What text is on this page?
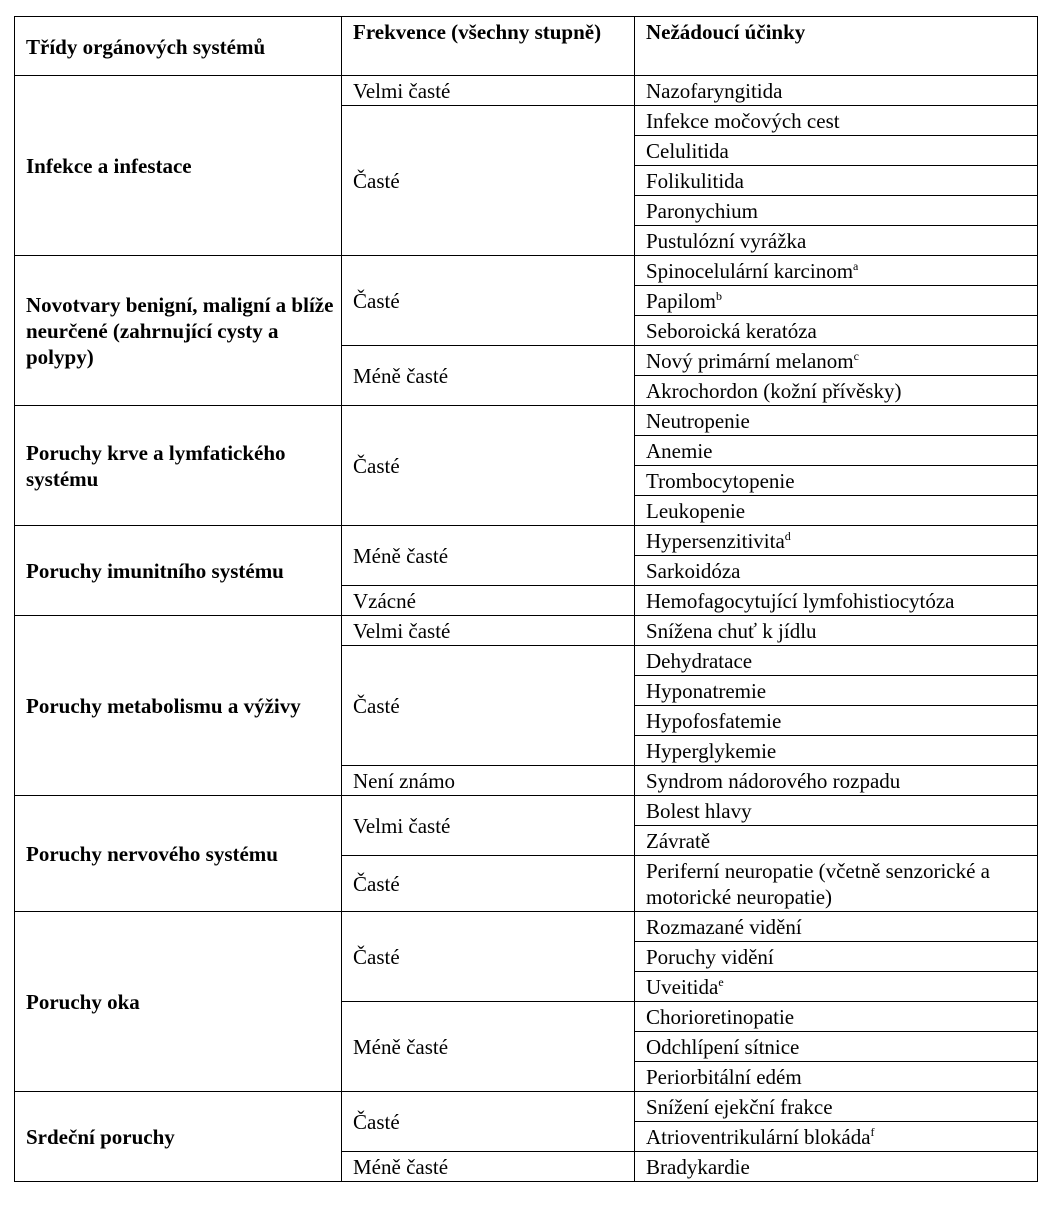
Třídy orgánových systémů	Frekvence (všechny stupně)	Nežádoucí účinky
Infekce a infestace	Velmi časté	Nazofaryngitida
	Časté	Infekce močových cest
		Celulitida
		Folikulitida
		Paronychium
		Pustulózní vyrážka
Novotvary benigní, maligní a blíže neurčené (zahrnující cysty a polypy)	Časté	Spinocelulární karcinom$^a$
		Papilom$^b$
		Seboroická keratóza
	Méně časté	Nový primární melanom$^c$
		Akrochordon (kožní přívěsky)
Poruchy krve a lymfatického systému	Časté	Neutropenie
		Anemie
		Trombocytopenie
		Leukopenie
Poruchy imunitního systému	Méně časté	Hypersenzitivita$^d$
		Sarkoidóza
	Vzácné	Hemofagocytující lymfohistiocytóza
Poruchy metabolismu a výživy	Velmi časté	Snížena chuť k jídlu
	Časté	Dehydratace
		Hyponatremie
		Hypofosfatemie
		Hyperglykemie
	Není známo	Syndrom nádorového rozpadu
Poruchy nervového systému	Velmi časté	Bolest hlavy
		Závratě
	Časté	Periferní neuropatie (včetně senzorické a motorické neuropatie)
Poruchy oka	Časté	Rozmazané vidění
		Poruchy vidění
		Uveitida$^e$
	Méně časté	Chorioretinopatie
		Odchlípení sítnice
		Periorbitální edém
Srdeční poruchy	Časté	Snížení ejekční frakce
		Atrioventrikulární blokáda$^f$
	Méně časté	Bradykardie
